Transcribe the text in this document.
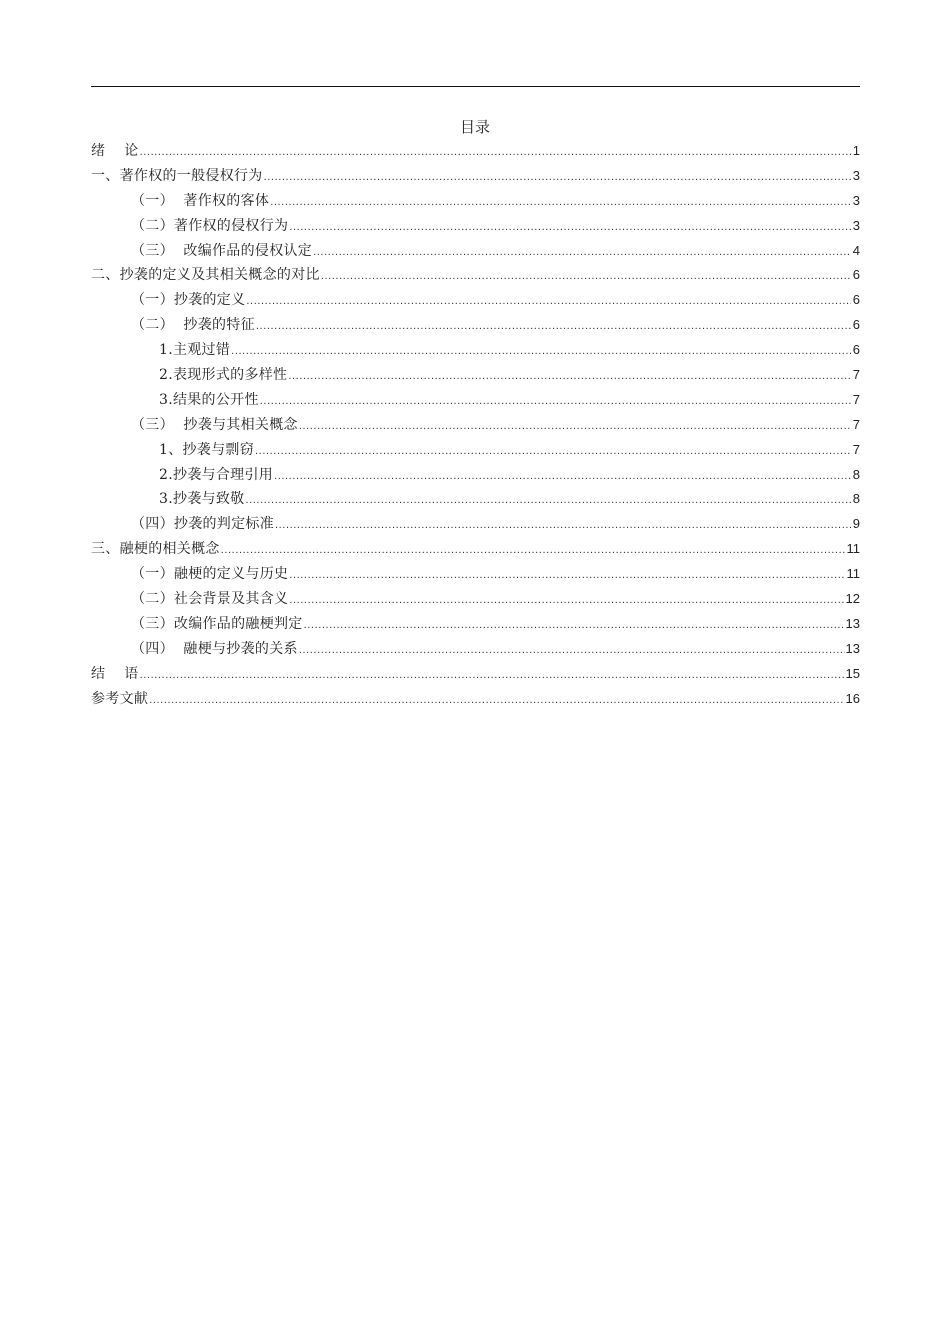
目录
绪    论 .....	1
一、著作权的一般侵权行为 .....	3
（一）  著作权的客体 .....	3
（二）著作权的侵权行为 .....	3
（三）  改编作品的侵权认定 .....	4
二、抄袭的定义及其相关概念的对比 .....	6
（一）抄袭的定义 .....	6
（二）  抄袭的特征 .....	6
1.主观过错 .....	6
2.表现形式的多样性 .....	7
3.结果的公开性 .....	7
（三）  抄袭与其相关概念 .....	7
1、抄袭与剽窃 .....	7
2.抄袭与合理引用 .....	8
3.抄袭与致敬 .....	8
（四）抄袭的判定标准 .....	9
三、融梗的相关概念 .....	11
（一）融梗的定义与历史 .....	11
（二）社会背景及其含义 .....	12
（三）改编作品的融梗判定 .....	13
（四）  融梗与抄袭的关系 .....	13
结    语 .....	15
参考文献 .....	16
